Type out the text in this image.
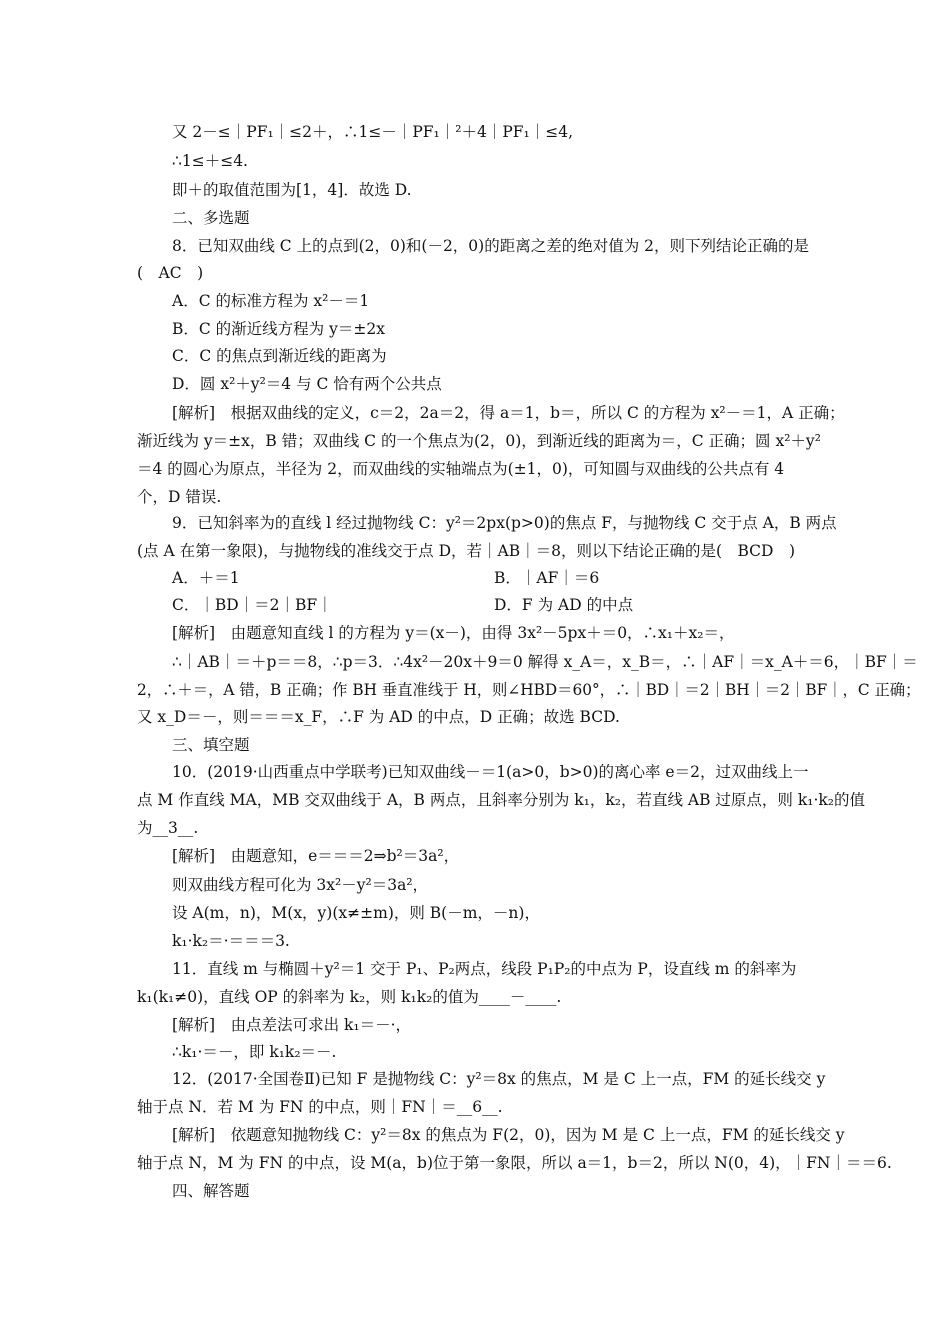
又 2－≤｜PF₁｜≤2＋，∴1≤－｜PF₁｜²＋4｜PF₁｜≤4,
∴1≤＋≤4.
即＋的取值范围为[1，4]．故选 D.
二、多选题
8．已知双曲线 C 上的点到(2，0)和(－2，0)的距离之差的绝对值为 2，则下列结论正确的是
(　AC　)
A．C 的标准方程为 x²－＝1
B．C 的渐近线方程为 y＝±2x
C．C 的焦点到渐近线的距离为
D．圆 x²＋y²＝4 与 C 恰有两个公共点
[解析]　根据双曲线的定义，c＝2，2a＝2，得 a＝1，b＝，所以 C 的方程为 x²－＝1，A 正确；
渐近线为 y＝±x，B 错；双曲线 C 的一个焦点为(2，0)，到渐近线的距离为＝，C 正确；圆 x²＋y²
＝4 的圆心为原点，半径为 2，而双曲线的实轴端点为(±1，0)，可知圆与双曲线的公共点有 4
个，D 错误.
9．已知斜率为的直线 l 经过抛物线 C：y²＝2px(p>0)的焦点 F，与抛物线 C 交于点 A，B 两点
(点 A 在第一象限)，与抛物线的准线交于点 D，若｜AB｜＝8，则以下结论正确的是(　BCD　)
A．＋＝1	B．｜AF｜＝6
C．｜BD｜＝2｜BF｜	D．F 为 AD 的中点
[解析]　由题意知直线 l 的方程为 y＝(x－)，由得 3x²－5px＋＝0，∴x₁＋x₂＝，
∴｜AB｜＝＋p＝＝8，∴p＝3．∴4x²－20x＋9＝0 解得 x_A＝，x_B＝，∴｜AF｜＝x_A＋＝6，｜BF｜＝
2，∴＋＝，A 错，B 正确；作 BH 垂直准线于 H，则∠HBD＝60°，∴｜BD｜＝2｜BH｜＝2｜BF｜，C 正确；
又 x_D＝－，则＝＝＝x_F，∴F 为 AD 的中点，D 正确；故选 BCD.
三、填空题
10．(2019·山西重点中学联考)已知双曲线－＝1(a>0，b>0)的离心率 e＝2，过双曲线上一
点 M 作直线 MA，MB 交双曲线于 A，B 两点，且斜率分别为 k₁，k₂，若直线 AB 过原点，则 k₁·k₂的值
为__3__.
[解析]　由题意知，e＝＝＝2⇒b²＝3a²，
则双曲线方程可化为 3x²－y²＝3a²，
设 A(m，n)，M(x，y)(x≠±m)，则 B(－m，－n)，
k₁·k₂＝·＝＝＝3.
11．直线 m 与椭圆＋y²＝1 交于 P₁、P₂两点，线段 P₁P₂的中点为 P，设直线 m 的斜率为
k₁(k₁≠0)，直线 OP 的斜率为 k₂，则 k₁k₂的值为____－____.
[解析]　由点差法可求出 k₁＝－·，
∴k₁·＝－，即 k₁k₂＝－.
12．(2017·全国卷Ⅱ)已知 F 是抛物线 C：y²＝8x 的焦点，M 是 C 上一点，FM 的延长线交 y
轴于点 N．若 M 为 FN 的中点，则｜FN｜＝__6__.
[解析]　依题意知抛物线 C：y²＝8x 的焦点为 F(2，0)，因为 M 是 C 上一点，FM 的延长线交 y
轴于点 N，M 为 FN 的中点，设 M(a，b)位于第一象限，所以 a＝1，b＝2，所以 N(0，4)，｜FN｜＝＝6.
四、解答题
